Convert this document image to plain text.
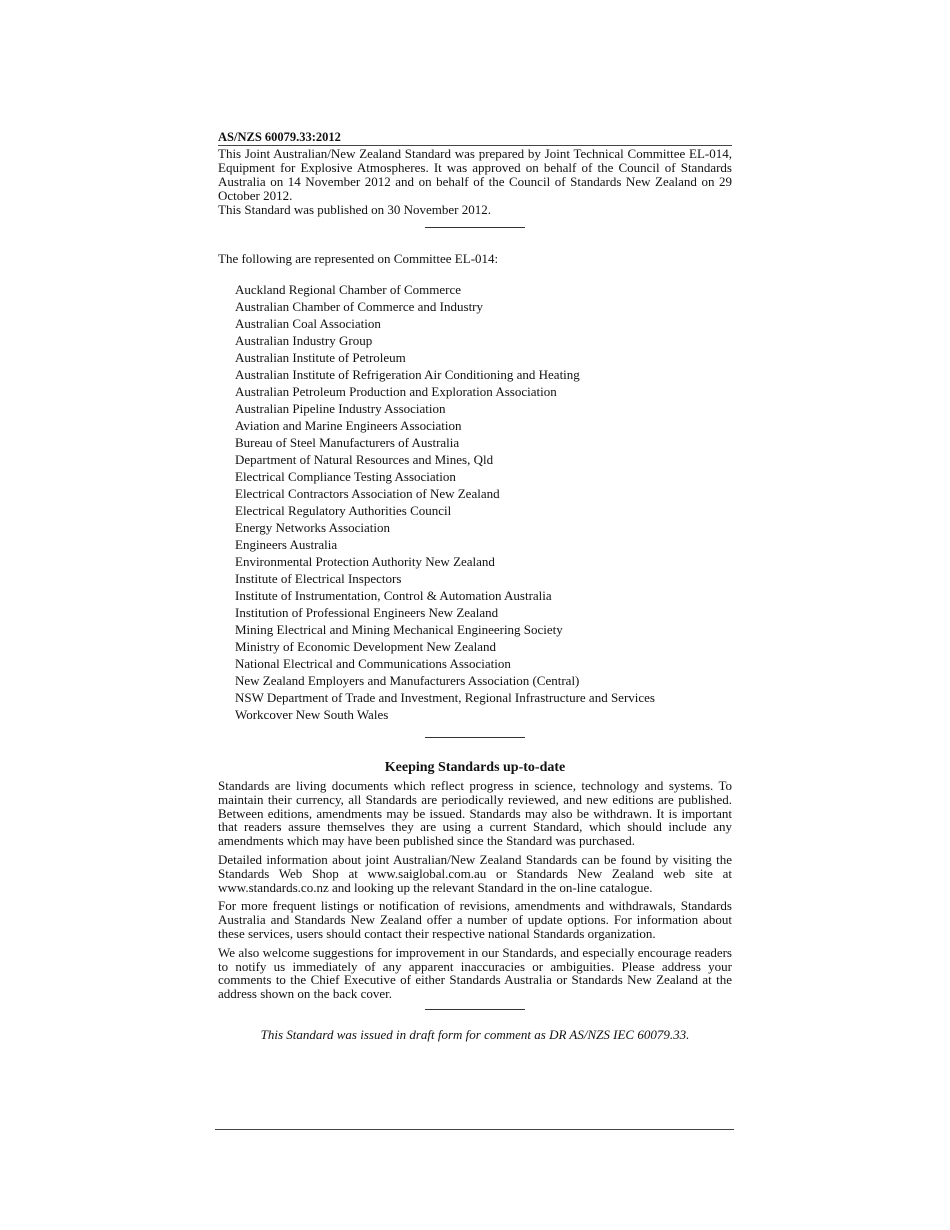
AS/NZS 60079.33:2012

This Joint Australian/New Zealand Standard was prepared by Joint Technical Committee EL-014, Equipment for Explosive Atmospheres. It was approved on behalf of the Council of Standards Australia on 14 November 2012 and on behalf of the Council of Standards New Zealand on 29 October 2012.

This Standard was published on 30 November 2012.

The following are represented on Committee EL-014:

Auckland Regional Chamber of Commerce
Australian Chamber of Commerce and Industry
Australian Coal Association
Australian Industry Group
Australian Institute of Petroleum
Australian Institute of Refrigeration Air Conditioning and Heating
Australian Petroleum Production and Exploration Association
Australian Pipeline Industry Association
Aviation and Marine Engineers Association
Bureau of Steel Manufacturers of Australia
Department of Natural Resources and Mines, Qld
Electrical Compliance Testing Association
Electrical Contractors Association of New Zealand
Electrical Regulatory Authorities Council
Energy Networks Association
Engineers Australia
Environmental Protection Authority New Zealand
Institute of Electrical Inspectors
Institute of Instrumentation, Control & Automation Australia
Institution of Professional Engineers New Zealand
Mining Electrical and Mining Mechanical Engineering Society
Ministry of Economic Development New Zealand
National Electrical and Communications Association
New Zealand Employers and Manufacturers Association (Central)
NSW Department of Trade and Investment, Regional Infrastructure and Services
Workcover New South Wales

Keeping Standards up-to-date

Standards are living documents which reflect progress in science, technology and systems. To maintain their currency, all Standards are periodically reviewed, and new editions are published. Between editions, amendments may be issued. Standards may also be withdrawn. It is important that readers assure themselves they are using a current Standard, which should include any amendments which may have been published since the Standard was purchased.

Detailed information about joint Australian/New Zealand Standards can be found by visiting the Standards Web Shop at www.saiglobal.com.au or Standards New Zealand web site at www.standards.co.nz and looking up the relevant Standard in the on-line catalogue.

For more frequent listings or notification of revisions, amendments and withdrawals, Standards Australia and Standards New Zealand offer a number of update options. For information about these services, users should contact their respective national Standards organization.

We also welcome suggestions for improvement in our Standards, and especially encourage readers to notify us immediately of any apparent inaccuracies or ambiguities. Please address your comments to the Chief Executive of either Standards Australia or Standards New Zealand at the address shown on the back cover.

This Standard was issued in draft form for comment as DR AS/NZS IEC 60079.33.
